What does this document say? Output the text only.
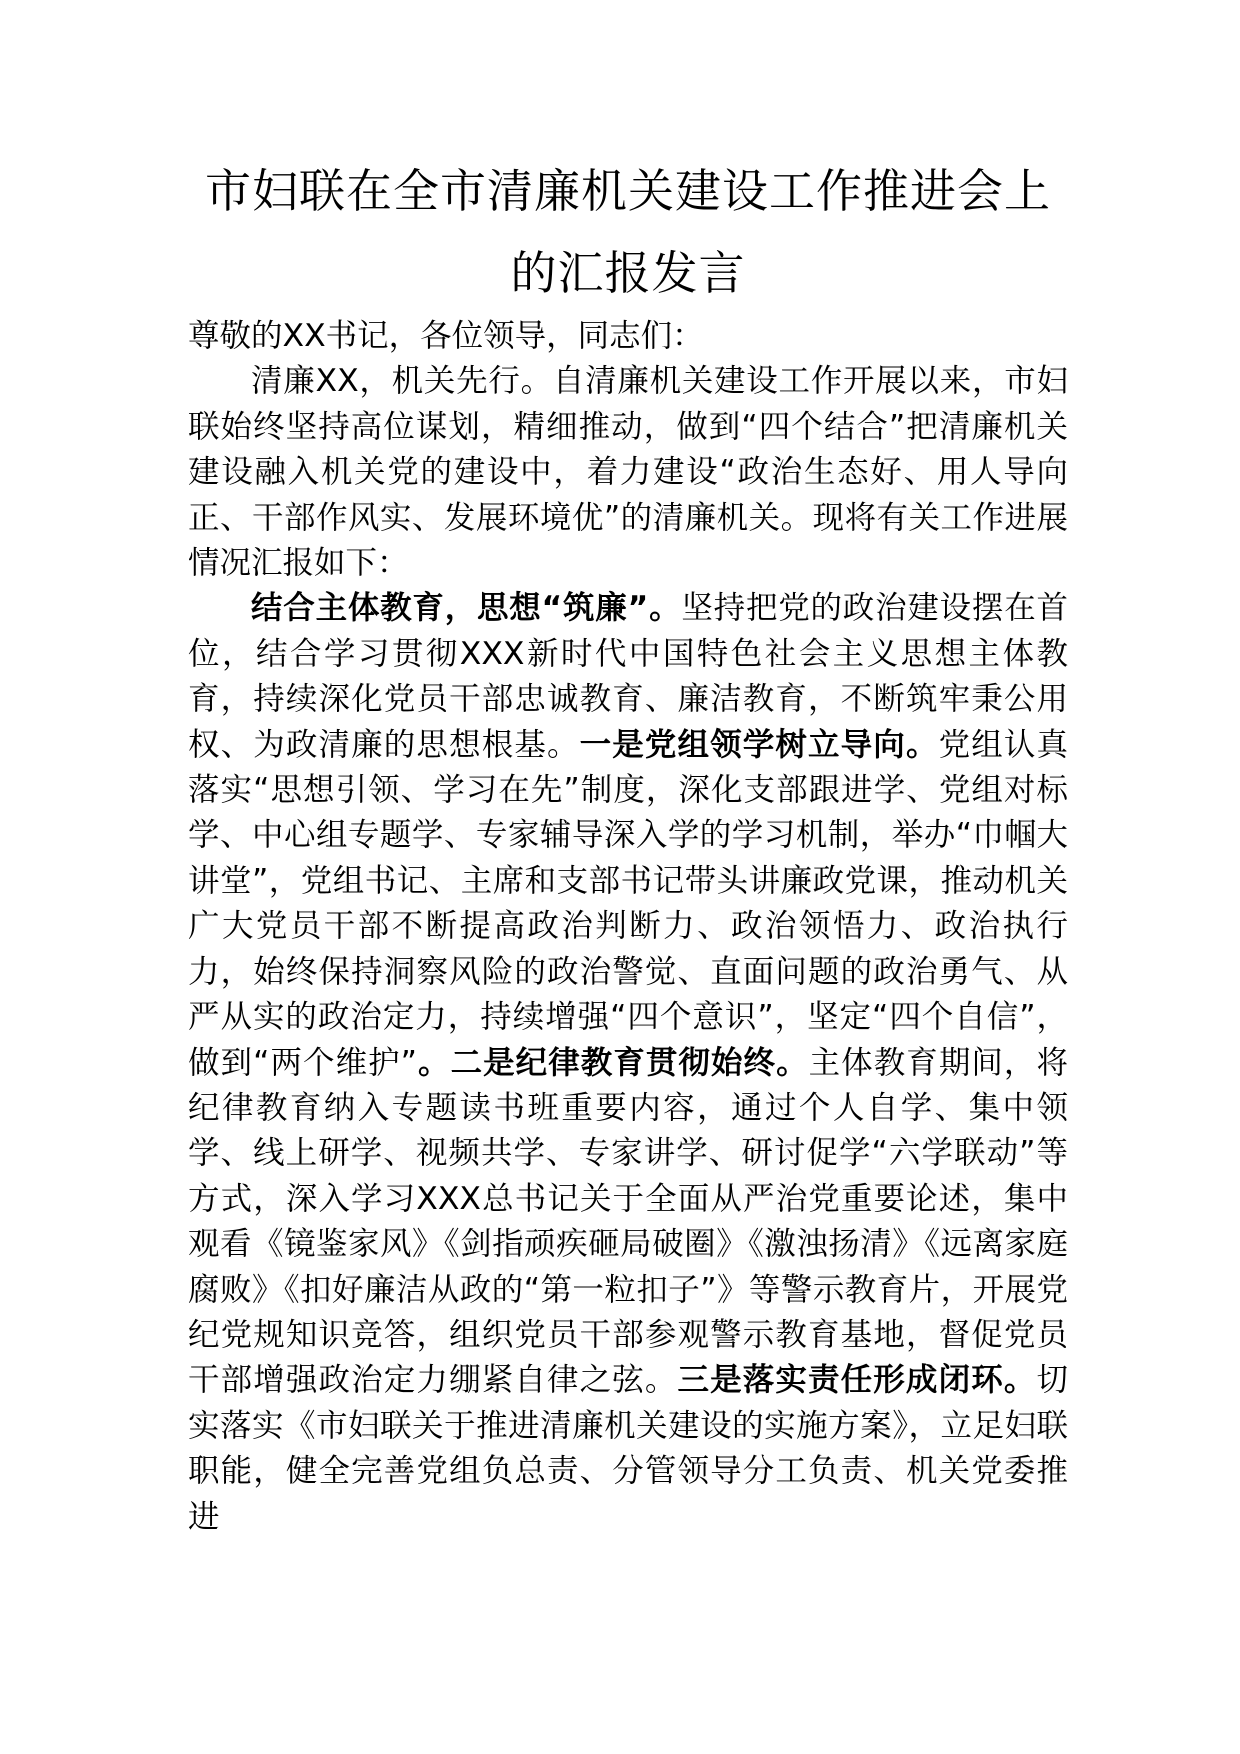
市妇联在全市清廉机关建设工作推进会上
的汇报发言

尊敬的XX书记，各位领导，同志们：

清廉XX，机关先行。自清廉机关建设工作开展以来，市妇联始终坚持高位谋划，精细推动，做到“四个结合”把清廉机关建设融入机关党的建设中，着力建设“政治生态好、用人导向正、干部作风实、发展环境优”的清廉机关。现将有关工作进展情况汇报如下：

结合主体教育，思想“筑廉”。坚持把党的政治建设摆在首位，结合学习贯彻XXX新时代中国特色社会主义思想主体教育，持续深化党员干部忠诚教育、廉洁教育，不断筑牢秉公用权、为政清廉的思想根基。一是党组领学树立导向。党组认真落实“思想引领、学习在先”制度，深化支部跟进学、党组对标学、中心组专题学、专家辅导深入学的学习机制，举办“巾帼大讲堂”，党组书记、主席和支部书记带头讲廉政党课，推动机关广大党员干部不断提高政治判断力、政治领悟力、政治执行力，始终保持洞察风险的政治警觉、直面问题的政治勇气、从严从实的政治定力，持续增强“四个意识”，坚定“四个自信”，做到“两个维护”。二是纪律教育贯彻始终。主体教育期间，将纪律教育纳入专题读书班重要内容，通过个人自学、集中领学、线上研学、视频共学、专家讲学、研讨促学“六学联动”等方式，深入学习XXX总书记关于全面从严治党重要论述，集中观看《镜鉴家风》《剑指顽疾砸局破圈》《激浊扬清》《远离家庭腐败》《扣好廉洁从政的“第一粒扣子”》等警示教育片，开展党纪党规知识竞答，组织党员干部参观警示教育基地，督促党员干部增强政治定力绷紧自律之弦。三是落实责任形成闭环。切实落实《市妇联关于推进清廉机关建设的实施方案》，立足妇联职能，健全完善党组负总责、分管领导分工负责、机关党委推进
